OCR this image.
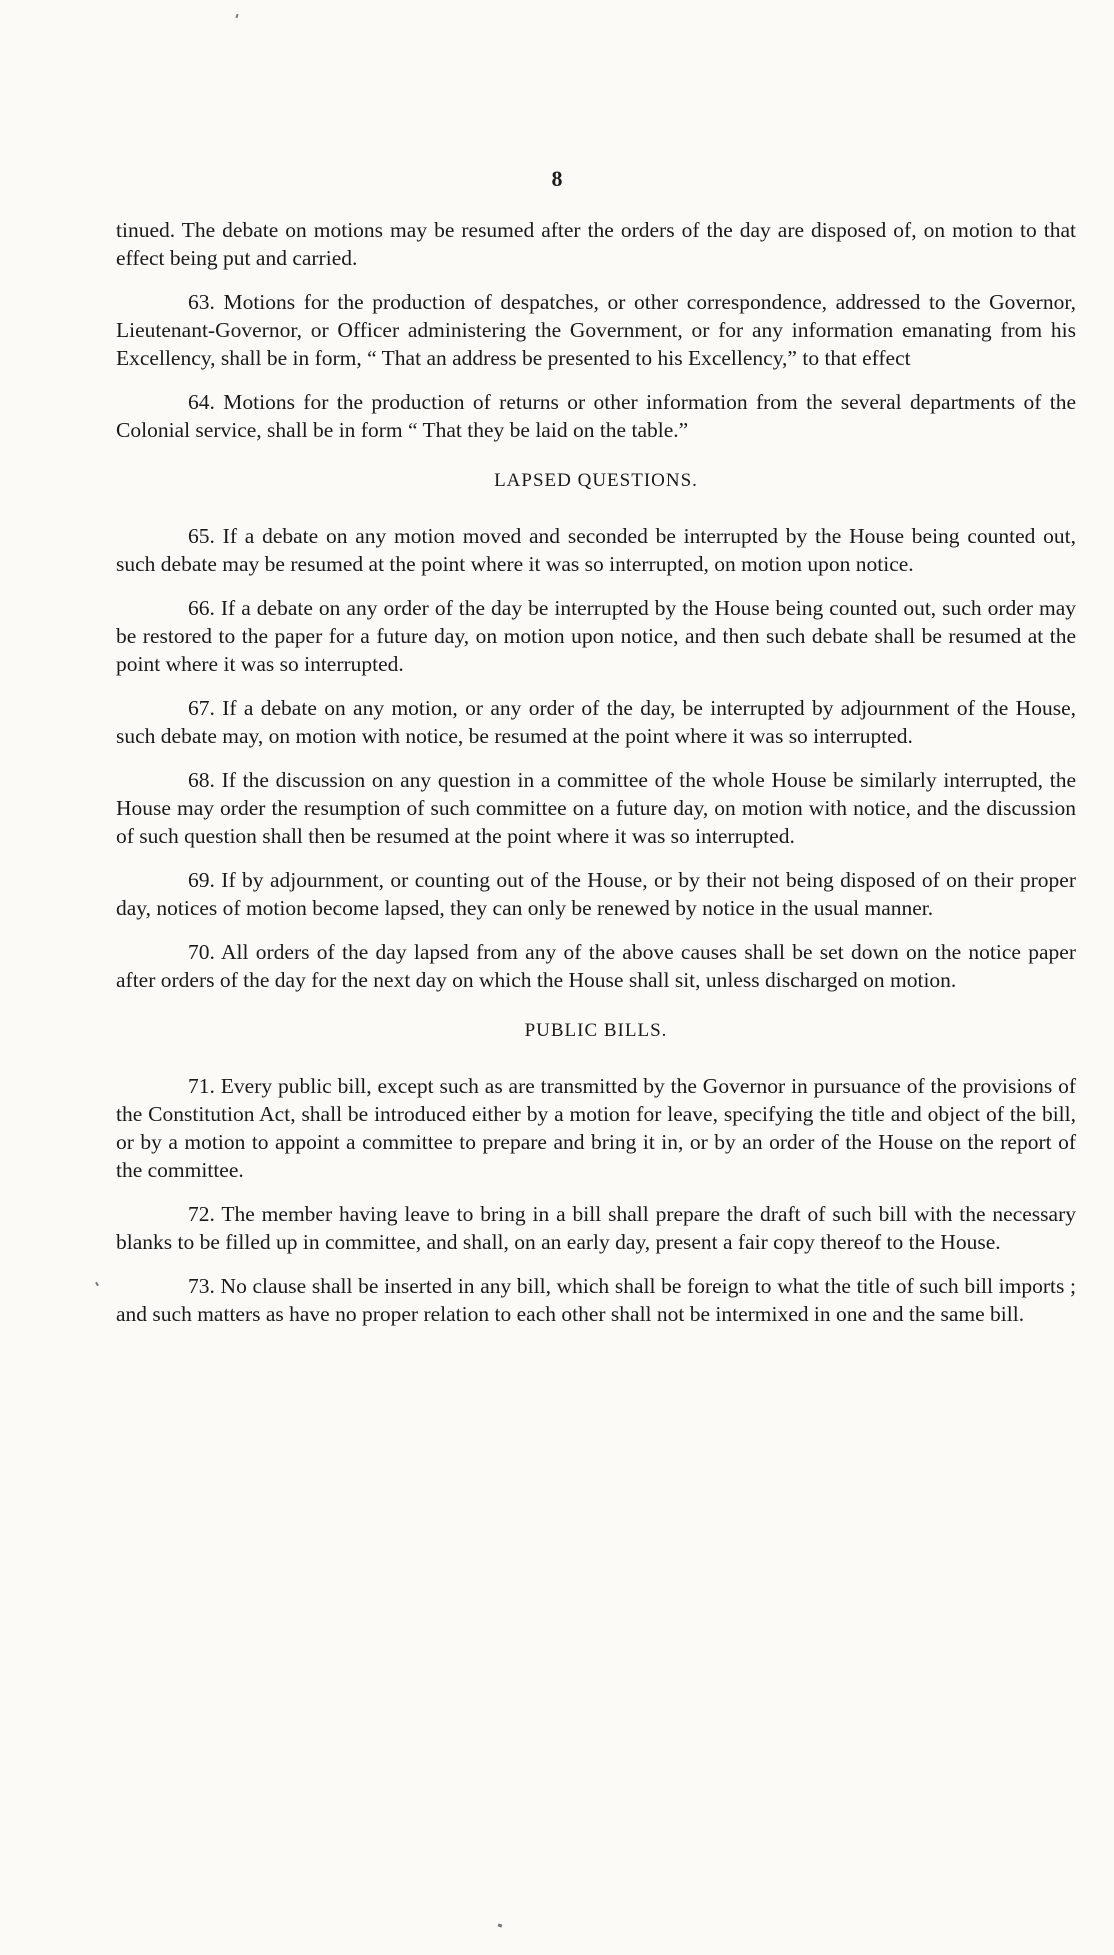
8

tinued. The debate on motions may be resumed after the orders of the day are disposed of, on motion to that effect being put and carried.

63. Motions for the production of despatches, or other correspondence, addressed to the Governor, Lieutenant-Governor, or Officer administering the Government, or for any information emanating from his Excellency, shall be in form, “ That an address be presented to his Excellency,” to that effect

64. Motions for the production of returns or other information from the several departments of the Colonial service, shall be in form “ That they be laid on the table.”

LAPSED QUESTIONS.

65. If a debate on any motion moved and seconded be interrupted by the House being counted out, such debate may be resumed at the point where it was so interrupted, on motion upon notice.

66. If a debate on any order of the day be interrupted by the House being counted out, such order may be restored to the paper for a future day, on motion upon notice, and then such debate shall be resumed at the point where it was so interrupted.

67. If a debate on any motion, or any order of the day, be interrupted by adjournment of the House, such debate may, on motion with notice, be resumed at the point where it was so interrupted.

68. If the discussion on any question in a committee of the whole House be similarly interrupted, the House may order the resumption of such committee on a future day, on motion with notice, and the discussion of such question shall then be resumed at the point where it was so interrupted.

69. If by adjournment, or counting out of the House, or by their not being disposed of on their proper day, notices of motion become lapsed, they can only be renewed by notice in the usual manner.

70. All orders of the day lapsed from any of the above causes shall be set down on the notice paper after orders of the day for the next day on which the House shall sit, unless discharged on motion.

PUBLIC BILLS.

71. Every public bill, except such as are transmitted by the Governor in pursuance of the provisions of the Constitution Act, shall be introduced either by a motion for leave, specifying the title and object of the bill, or by a motion to appoint a committee to prepare and bring it in, or by an order of the House on the report of the committee.

72. The member having leave to bring in a bill shall prepare the draft of such bill with the necessary blanks to be filled up in committee, and shall, on an early day, present a fair copy thereof to the House.

73. No clause shall be inserted in any bill, which shall be foreign to what the title of such bill imports ; and such matters as have no proper relation to each other shall not be intermixed in one and the same bill.
